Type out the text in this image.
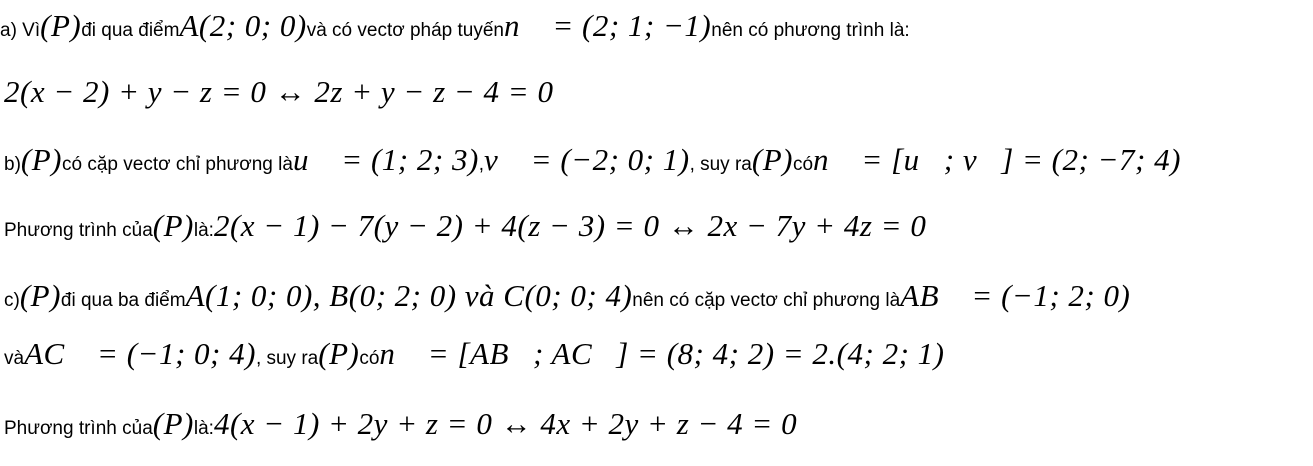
a) Vì (P) đi qua điểm A(2; 0; 0) và có vectơ pháp tuyến n⃗ = (2; 1; −1) nên có phương trình là:
2(x − 2) + y − z = 0 ↔ 2z + y − z − 4 = 0
b) (P) có cặp vectơ chỉ phương là u⃗ = (1; 2; 3) , v⃗ = (−2; 0; 1) , suy ra (P) có n⃗ = [u⃗; v⃗] = (2; −7; 4)
Phương trình của (P) là: 2(x − 1) − 7(y − 2) + 4(z − 3) = 0 ↔ 2x − 7y + 4z = 0
c) (P) đi qua ba điểm A(1; 0; 0), B(0; 2; 0) và C(0; 0; 4) nên có cặp vectơ chỉ phương là AB⃗ = (−1; 2; 0)
và AC⃗ = (−1; 0; 4) , suy ra (P) có n⃗ = [AB⃗; AC⃗] = (8; 4; 2) = 2.(4; 2; 1)
Phương trình của (P) là: 4(x − 1) + 2y + z = 0 ↔ 4x + 2y + z − 4 = 0
